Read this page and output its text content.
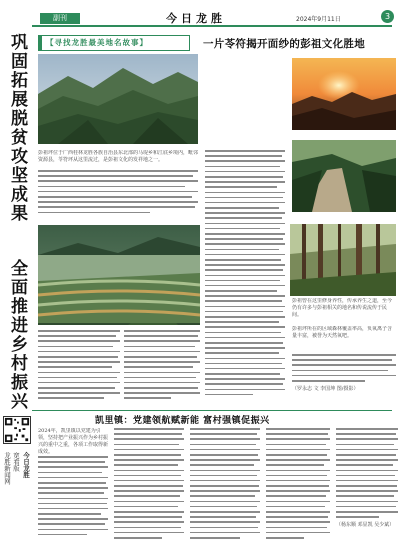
副刊	今日龙胜	2024年9月11日	3
巩固拓展脱贫攻坚成果
全面推进乡村振兴
【寻找龙胜最美地名故事】	一片苓符揭开面纱的彭祖文化胜地
彭祖坪位于广西桂林龙胜各族自治县东北部的马堤乡和江底乡境内，毗邻资源县，苓符坪从这里流过，是彭祖文化的发祥地之一。
彭祖曾在这里修身养性，传承养生之道，至今仍有许多与彭祖相关的地名和传说流传于民间。
彭祖坪所在的区域森林覆盖率高，负氧离子含量丰富，被誉为天然氧吧。
（罗永志 文 李国坤 图/摄影）
凯里镇：党建领航赋新能 富村强镇促振兴
2024年，凯里镇以党建为引领，坚持把产业振兴作为乡村振兴的重中之重，各项工作取得新成效。
（杨东顺 邓显凯 吴少斌）
今日龙胜
宽看版
龙胜新闻网
